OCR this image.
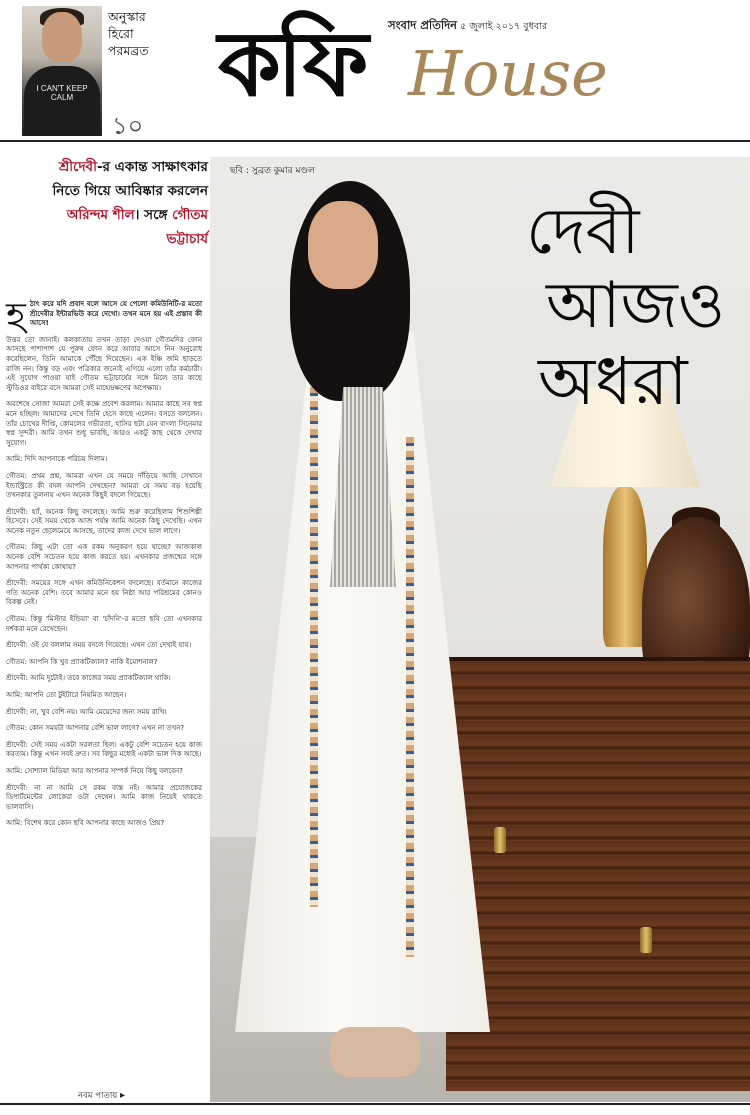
I CAN'T KEEP CALM
অনুস্কার
হিরো
পরমব্রত
১০
কফি House
সংবাদ প্রতিদিন ৫ জুলাই ২০১৭ বুধবার
ছবি : সুব্রত কুমার মণ্ডল
দেবী
আজও
অধরা
শ্রীদেবী-র একান্ত সাক্ষাৎকার নিতে গিয়ে আবিষ্কার করলেন অরিন্দম শীল। সঙ্গে গৌতম ভট্টাচার্য

হঠাৎ করে যদি প্রবাদ বলে আসে যে পেলো কমিউনিটি-র মতো শ্রীদেবীর ইন্টারভিউ করে দেখো। তখন মনে হয় এই প্রস্তাব কী আসে!

উত্তর তো জানাই। কলকাতায় তখন তাড়া দেওয়া গৌতমদির ফোন আসছে পাশাপাশ যে পুরুষ ফোন করে আবার আসে নিন অনুরোধ করেছিলেন, তিনি আমাকে পৌঁছে দিয়েছেন। এক ইঞ্চি জমি ছাড়তে রাজি নন। কিন্তু বড় এবং পত্রিকার জন্যেই এগিয়ে এলো তাঁর কর্মচারী। এই সুযোগ পাওয়া যাই গৌতম ভট্টাচার্যের সঙ্গে মিলে তার কাছে স্টুডিওর বাইরে বসে আমরা সেই মাহেন্দ্রক্ষণের অপেক্ষায়।

অবশেষে সোজা আমরা সেই কক্ষে প্রবেশ করলাম। আমার কাছে সব স্বপ্ন মনে হচ্ছিল। আমাদের দেখে তিনি হেসে কাছে এলেন। বসতে বললেন। তাঁর চোখের দীপ্তি, কোমলের গভীরতা, হাসির ছটা যেন বাংলা সিনেমার স্বপ্ন সুন্দরী। আমি তখন শুধু ভাবছি, আরও একটু কাছ থেকে দেখার সুযোগ।

আমি: দিদি আপনাকে পরিচয় দিলাম।

গৌতম: প্রথম প্রশ্ন, আমরা এখন যে সময়ে দাঁড়িয়ে আছি সেখানে ইন্ডাস্ট্রিতে কী বদল আপনি দেখছেন? আমরা যে সময় বড় হয়েছি তখনকার তুলনায় এখন অনেক কিছুই বদলে গিয়েছে।

শ্রীদেবী: হ্যাঁ, অনেক কিছু বদলেছে। আমি শুরু করেছিলাম শিশুশিল্পী হিসেবে। সেই সময় থেকে আজ পর্যন্ত আমি অনেক কিছু দেখেছি। এখন অনেক নতুন ছেলেমেয়ে আসছে, তাদের কাজ দেখে ভাল লাগে।

গৌতম: কিছু এটা তো এক রকম অনুকরণ হয়ে যাচ্ছে? আজকাল অনেক বেশি সচেতন হয়ে কাজ করতে হয়। এখনকার প্রজন্মের সঙ্গে আপনার পার্থক্য কোথায়?

শ্রীদেবী: সময়ের সঙ্গে এখন কমিউনিকেশন বদলেছে। বর্তমানে কাজের গতি অনেক বেশি। তবে আমার মনে হয় নিষ্ঠা আর পরিশ্রমের কোনও বিকল্প নেই।

গৌতম: কিন্তু 'মিস্টার ইন্ডিয়া' বা 'চাঁদনি'-র মতো ছবি তো এখনকার দর্শকরা মনে রেখেছেন।

শ্রীদেবী: ওই যে বললাম সময় বদলে গিয়েছে। এখন তো দেখাই যায়।

গৌতম: আপনি কি খুব প্র্যাকটিক্যাল? নাকি ইমোশনাল?

শ্রীদেবী: আমি দুটোই। তবে কাজের সময় প্র্যাকটিক্যাল থাকি।

আমি: আপনি তো টুইটারে নিয়মিত আছেন।

শ্রীদেবী: না, খুব বেশি নয়। আমি মেয়েদের জন্য সময় রাখি।

গৌতম: কোন সময়টা আপনার বেশি ভাল লাগে? এখন না তখন?

শ্রীদেবী: সেই সময় একটা সরলতা ছিল। একটু বেশি সচেতন হয়ে কাজ করতাম। কিন্তু এখন সবই দ্রুত। সব কিছুর মধ্যেই একটা ভাল দিক আছে।

আমি: সোশ্যাল মিডিয়া আর আপনার সম্পর্ক নিয়ে কিছু বলবেন?

শ্রীদেবী: না না আমি সে রকম ব্যস্ত নই। আমার প্রযোজকের ডিপার্টমেন্টের লোকেরা ওটা দেখেন। আমি কাজ নিয়েই থাকতে ভালবাসি।

আমি: বিশেষ করে কোন ছবি আপনার কাছে আজও প্রিয়?

নবম পাতায় ▸
